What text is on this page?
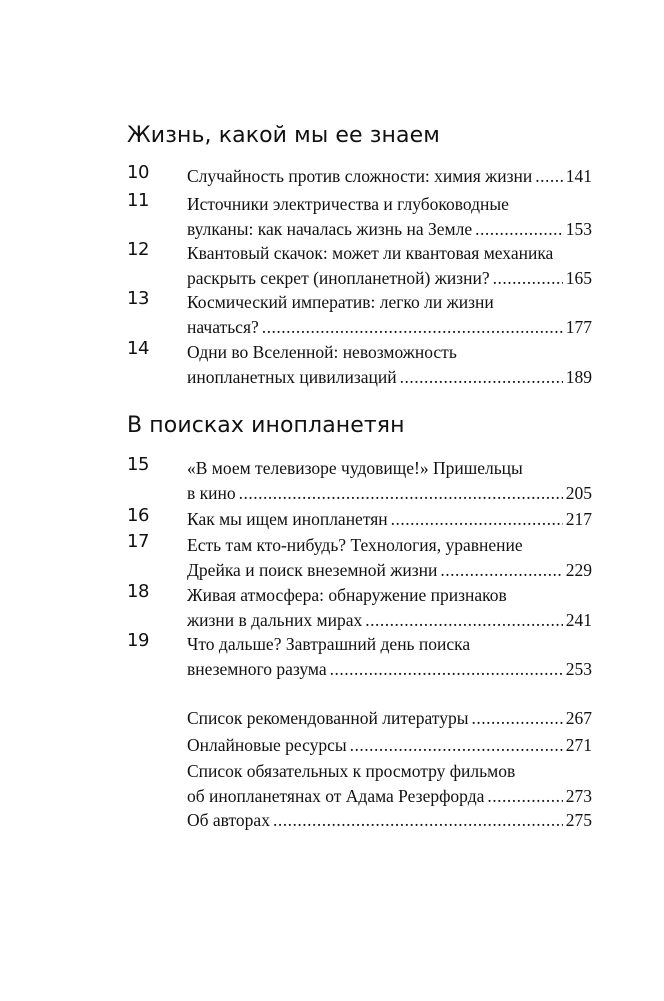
Жизнь, какой мы ее знаем
10 Случайность против сложности: химия жизни ..... 141
11 Источники электричества и глубоководные
вулканы: как началась жизнь на Земле .....	153
12 Квантовый скачок: может ли квантовая механика
раскрыть секрет (инопланетной) жизни? .....	165
13 Космический императив: легко ли жизни
начаться? .....	177
14 Одни во Вселенной: невозможность
инопланетных цивилизаций .....	189
В поисках инопланетян
15 «В моем телевизоре чудовище!» Пришельцы
в кино .....	205
16 Как мы ищем инопланетян .....	217
17 Есть там кто-нибудь? Технология, уравнение
Дрейка и поиск внеземной жизни .....	229
18 Живая атмосфера: обнаружение признаков
жизни в дальних мирах .....	241
19 Что дальше? Завтрашний день поиска
внеземного разума .....	253
Список рекомендованной литературы .....	267
Онлайновые ресурсы .....	271
Список обязательных к просмотру фильмов
об инопланетянах от Адама Резерфорда .....	273
Об авторах .....	275
